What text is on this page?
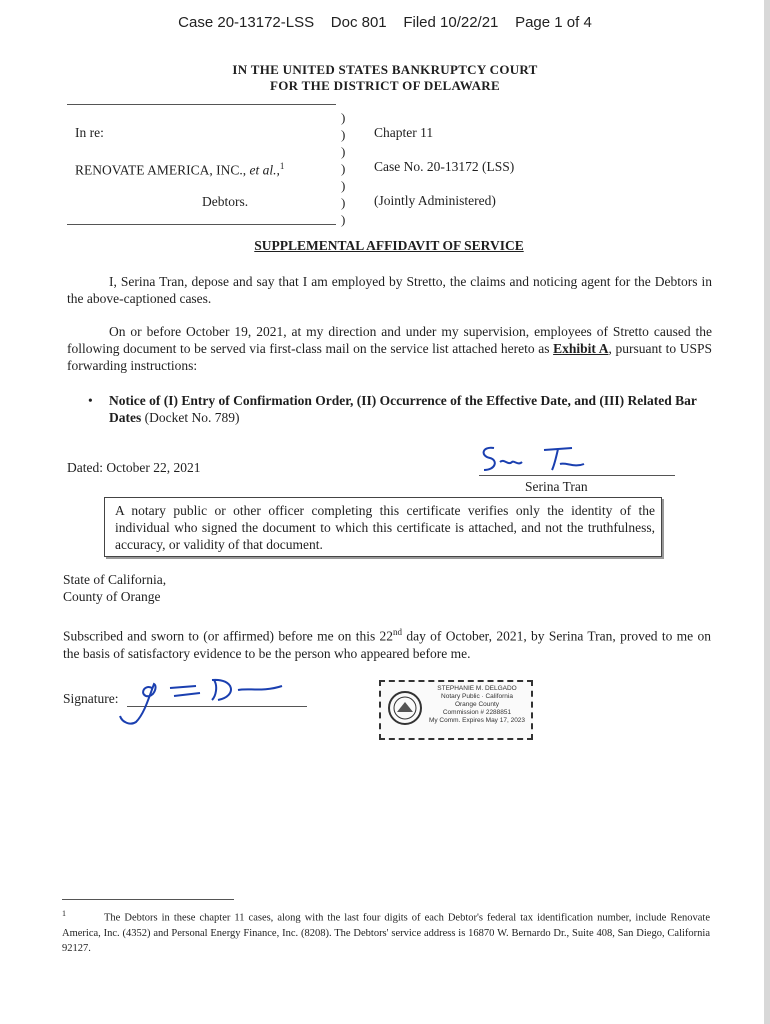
Case 20-13172-LSS Doc 801 Filed 10/22/21 Page 1 of 4
IN THE UNITED STATES BANKRUPTCY COURT
FOR THE DISTRICT OF DELAWARE
)
)
)
)
)
)
)
In re:
RENOVATE AMERICA, INC., et al.,$^1$
Debtors.
Chapter 11
Case No. 20-13172 (LSS)
(Jointly Administered)
SUPPLEMENTAL AFFIDAVIT OF SERVICE
I, Serina Tran, depose and say that I am employed by Stretto, the claims and noticing agent for the Debtors in the above-captioned cases.
On or before October 19, 2021, at my direction and under my supervision, employees of Stretto caused the following document to be served via first-class mail on the service list attached hereto as Exhibit A, pursuant to USPS forwarding instructions:
• Notice of (I) Entry of Confirmation Order, (II) Occurrence of the Effective Date, and (III) Related Bar Dates (Docket No. 789)
Dated: October 22, 2021
Serina Tran
A notary public or other officer completing this certificate verifies only the identity of the individual who signed the document to which this certificate is attached, and not the truthfulness, accuracy, or validity of that document.
State of California,
County of Orange
Subscribed and sworn to (or affirmed) before me on this 22nd day of October, 2021, by Serina Tran, proved to me on the basis of satisfactory evidence to be the person who appeared before me.
Signature:
STEPHANIE M. DELGADO
Notary Public · California
Orange County
Commission # 2288851
My Comm. Expires May 17, 2023
$^1$	The Debtors in these chapter 11 cases, along with the last four digits of each Debtor's federal tax identification number, include Renovate America, Inc. (4352) and Personal Energy Finance, Inc. (8208). The Debtors' service address is 16870 W. Bernardo Dr., Suite 408, San Diego, California 92127.
